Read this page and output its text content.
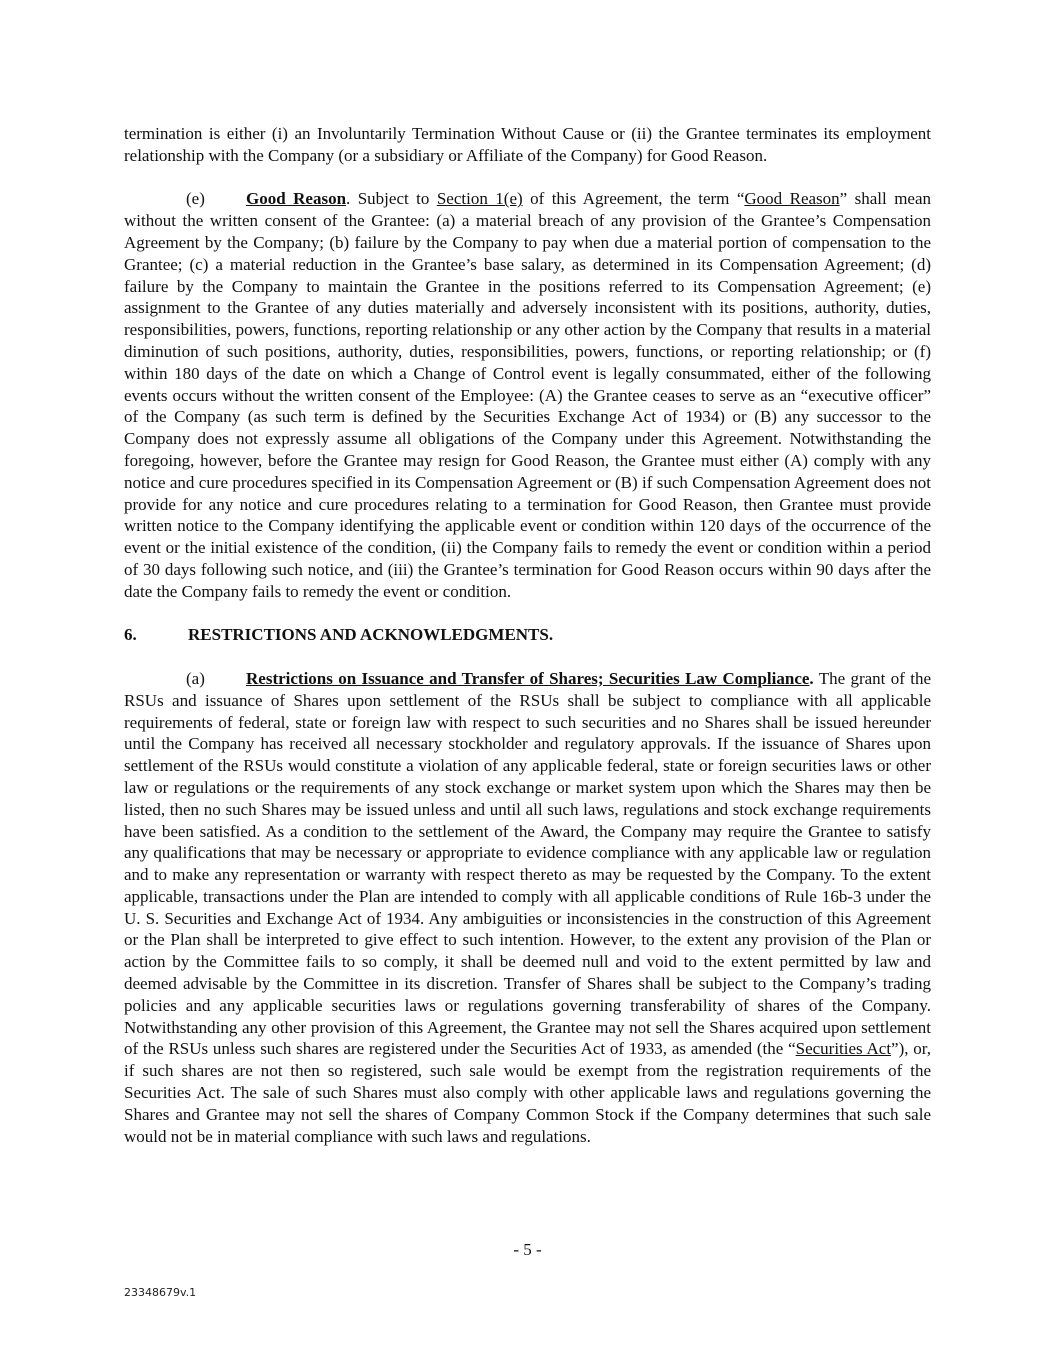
termination is either (i) an Involuntarily Termination Without Cause or (ii) the Grantee terminates its employment relationship with the Company (or a subsidiary or Affiliate of the Company) for Good Reason.

(e) Good Reason. Subject to Section 1(e) of this Agreement, the term “Good Reason” shall mean without the written consent of the Grantee: (a) a material breach of any provision of the Grantee’s Compensation Agreement by the Company; (b) failure by the Company to pay when due a material portion of compensation to the Grantee; (c) a material reduction in the Grantee’s base salary, as determined in its Compensation Agreement; (d) failure by the Company to maintain the Grantee in the positions referred to its Compensation Agreement; (e) assignment to the Grantee of any duties materially and adversely inconsistent with its positions, authority, duties, responsibilities, powers, functions, reporting relationship or any other action by the Company that results in a material diminution of such positions, authority, duties, responsibilities, powers, functions, or reporting relationship; or (f) within 180 days of the date on which a Change of Control event is legally consummated, either of the following events occurs without the written consent of the Employee: (A) the Grantee ceases to serve as an “executive officer” of the Company (as such term is defined by the Securities Exchange Act of 1934) or (B) any successor to the Company does not expressly assume all obligations of the Company under this Agreement. Notwithstanding the foregoing, however, before the Grantee may resign for Good Reason, the Grantee must either (A) comply with any notice and cure procedures specified in its Compensation Agreement or (B) if such Compensation Agreement does not provide for any notice and cure procedures relating to a termination for Good Reason, then Grantee must provide written notice to the Company identifying the applicable event or condition within 120 days of the occurrence of the event or the initial existence of the condition, (ii) the Company fails to remedy the event or condition within a period of 30 days following such notice, and (iii) the Grantee’s termination for Good Reason occurs within 90 days after the date the Company fails to remedy the event or condition.

6.	RESTRICTIONS AND ACKNOWLEDGMENTS.

(a) Restrictions on Issuance and Transfer of Shares; Securities Law Compliance. The grant of the RSUs and issuance of Shares upon settlement of the RSUs shall be subject to compliance with all applicable requirements of federal, state or foreign law with respect to such securities and no Shares shall be issued hereunder until the Company has received all necessary stockholder and regulatory approvals. If the issuance of Shares upon settlement of the RSUs would constitute a violation of any applicable federal, state or foreign securities laws or other law or regulations or the requirements of any stock exchange or market system upon which the Shares may then be listed, then no such Shares may be issued unless and until all such laws, regulations and stock exchange requirements have been satisfied. As a condition to the settlement of the Award, the Company may require the Grantee to satisfy any qualifications that may be necessary or appropriate to evidence compliance with any applicable law or regulation and to make any representation or warranty with respect thereto as may be requested by the Company. To the extent applicable, transactions under the Plan are intended to comply with all applicable conditions of Rule 16b-3 under the U. S. Securities and Exchange Act of 1934. Any ambiguities or inconsistencies in the construction of this Agreement or the Plan shall be interpreted to give effect to such intention. However, to the extent any provision of the Plan or action by the Committee fails to so comply, it shall be deemed null and void to the extent permitted by law and deemed advisable by the Committee in its discretion. Transfer of Shares shall be subject to the Company’s trading policies and any applicable securities laws or regulations governing transferability of shares of the Company. Notwithstanding any other provision of this Agreement, the Grantee may not sell the Shares acquired upon settlement of the RSUs unless such shares are registered under the Securities Act of 1933, as amended (the “Securities Act”), or, if such shares are not then so registered, such sale would be exempt from the registration requirements of the Securities Act. The sale of such Shares must also comply with other applicable laws and regulations governing the Shares and Grantee may not sell the shares of Company Common Stock if the Company determines that such sale would not be in material compliance with such laws and regulations.

- 5 -
23348679v.1
